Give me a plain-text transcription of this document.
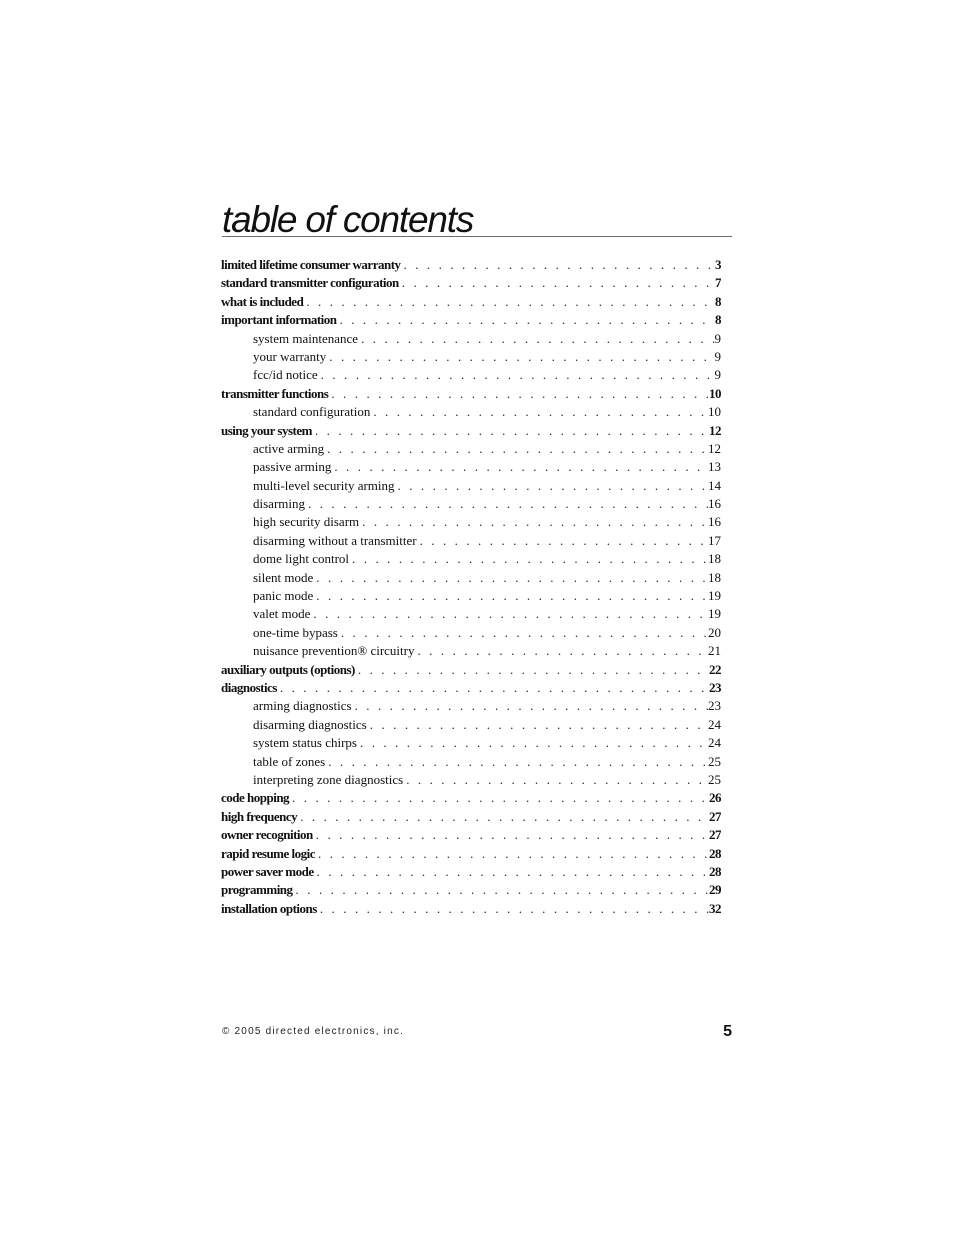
table of contents
limited lifetime consumer warranty . . .	3
standard transmitter configuration . . .	7
what is included . . .	8
important information . . .	8
system maintenance . . .	9
your warranty . . .	9
fcc/id notice . . .	9
transmitter functions . . .	10
standard configuration . . .	10
using your system . . .	12
active arming . . .	12
passive arming . . .	13
multi-level security arming . . .	14
disarming . . .	16
high security disarm . . .	16
disarming without a transmitter . . .	17
dome light control . . .	18
silent mode . . .	18
panic mode . . .	19
valet mode . . .	19
one-time bypass . . .	20
nuisance prevention® circuitry . . .	21
auxiliary outputs (options) . . .	22
diagnostics . . .	23
arming diagnostics . . .	23
disarming diagnostics . . .	24
system status chirps . . .	24
table of zones . . .	25
interpreting zone diagnostics . . .	25
code hopping . . .	26
high frequency . . .	27
owner recognition . . .	27
rapid resume logic . . .	28
power saver mode . . .	28
programming . . .	29
installation options . . .	32
© 2005 directed electronics, inc.	5
